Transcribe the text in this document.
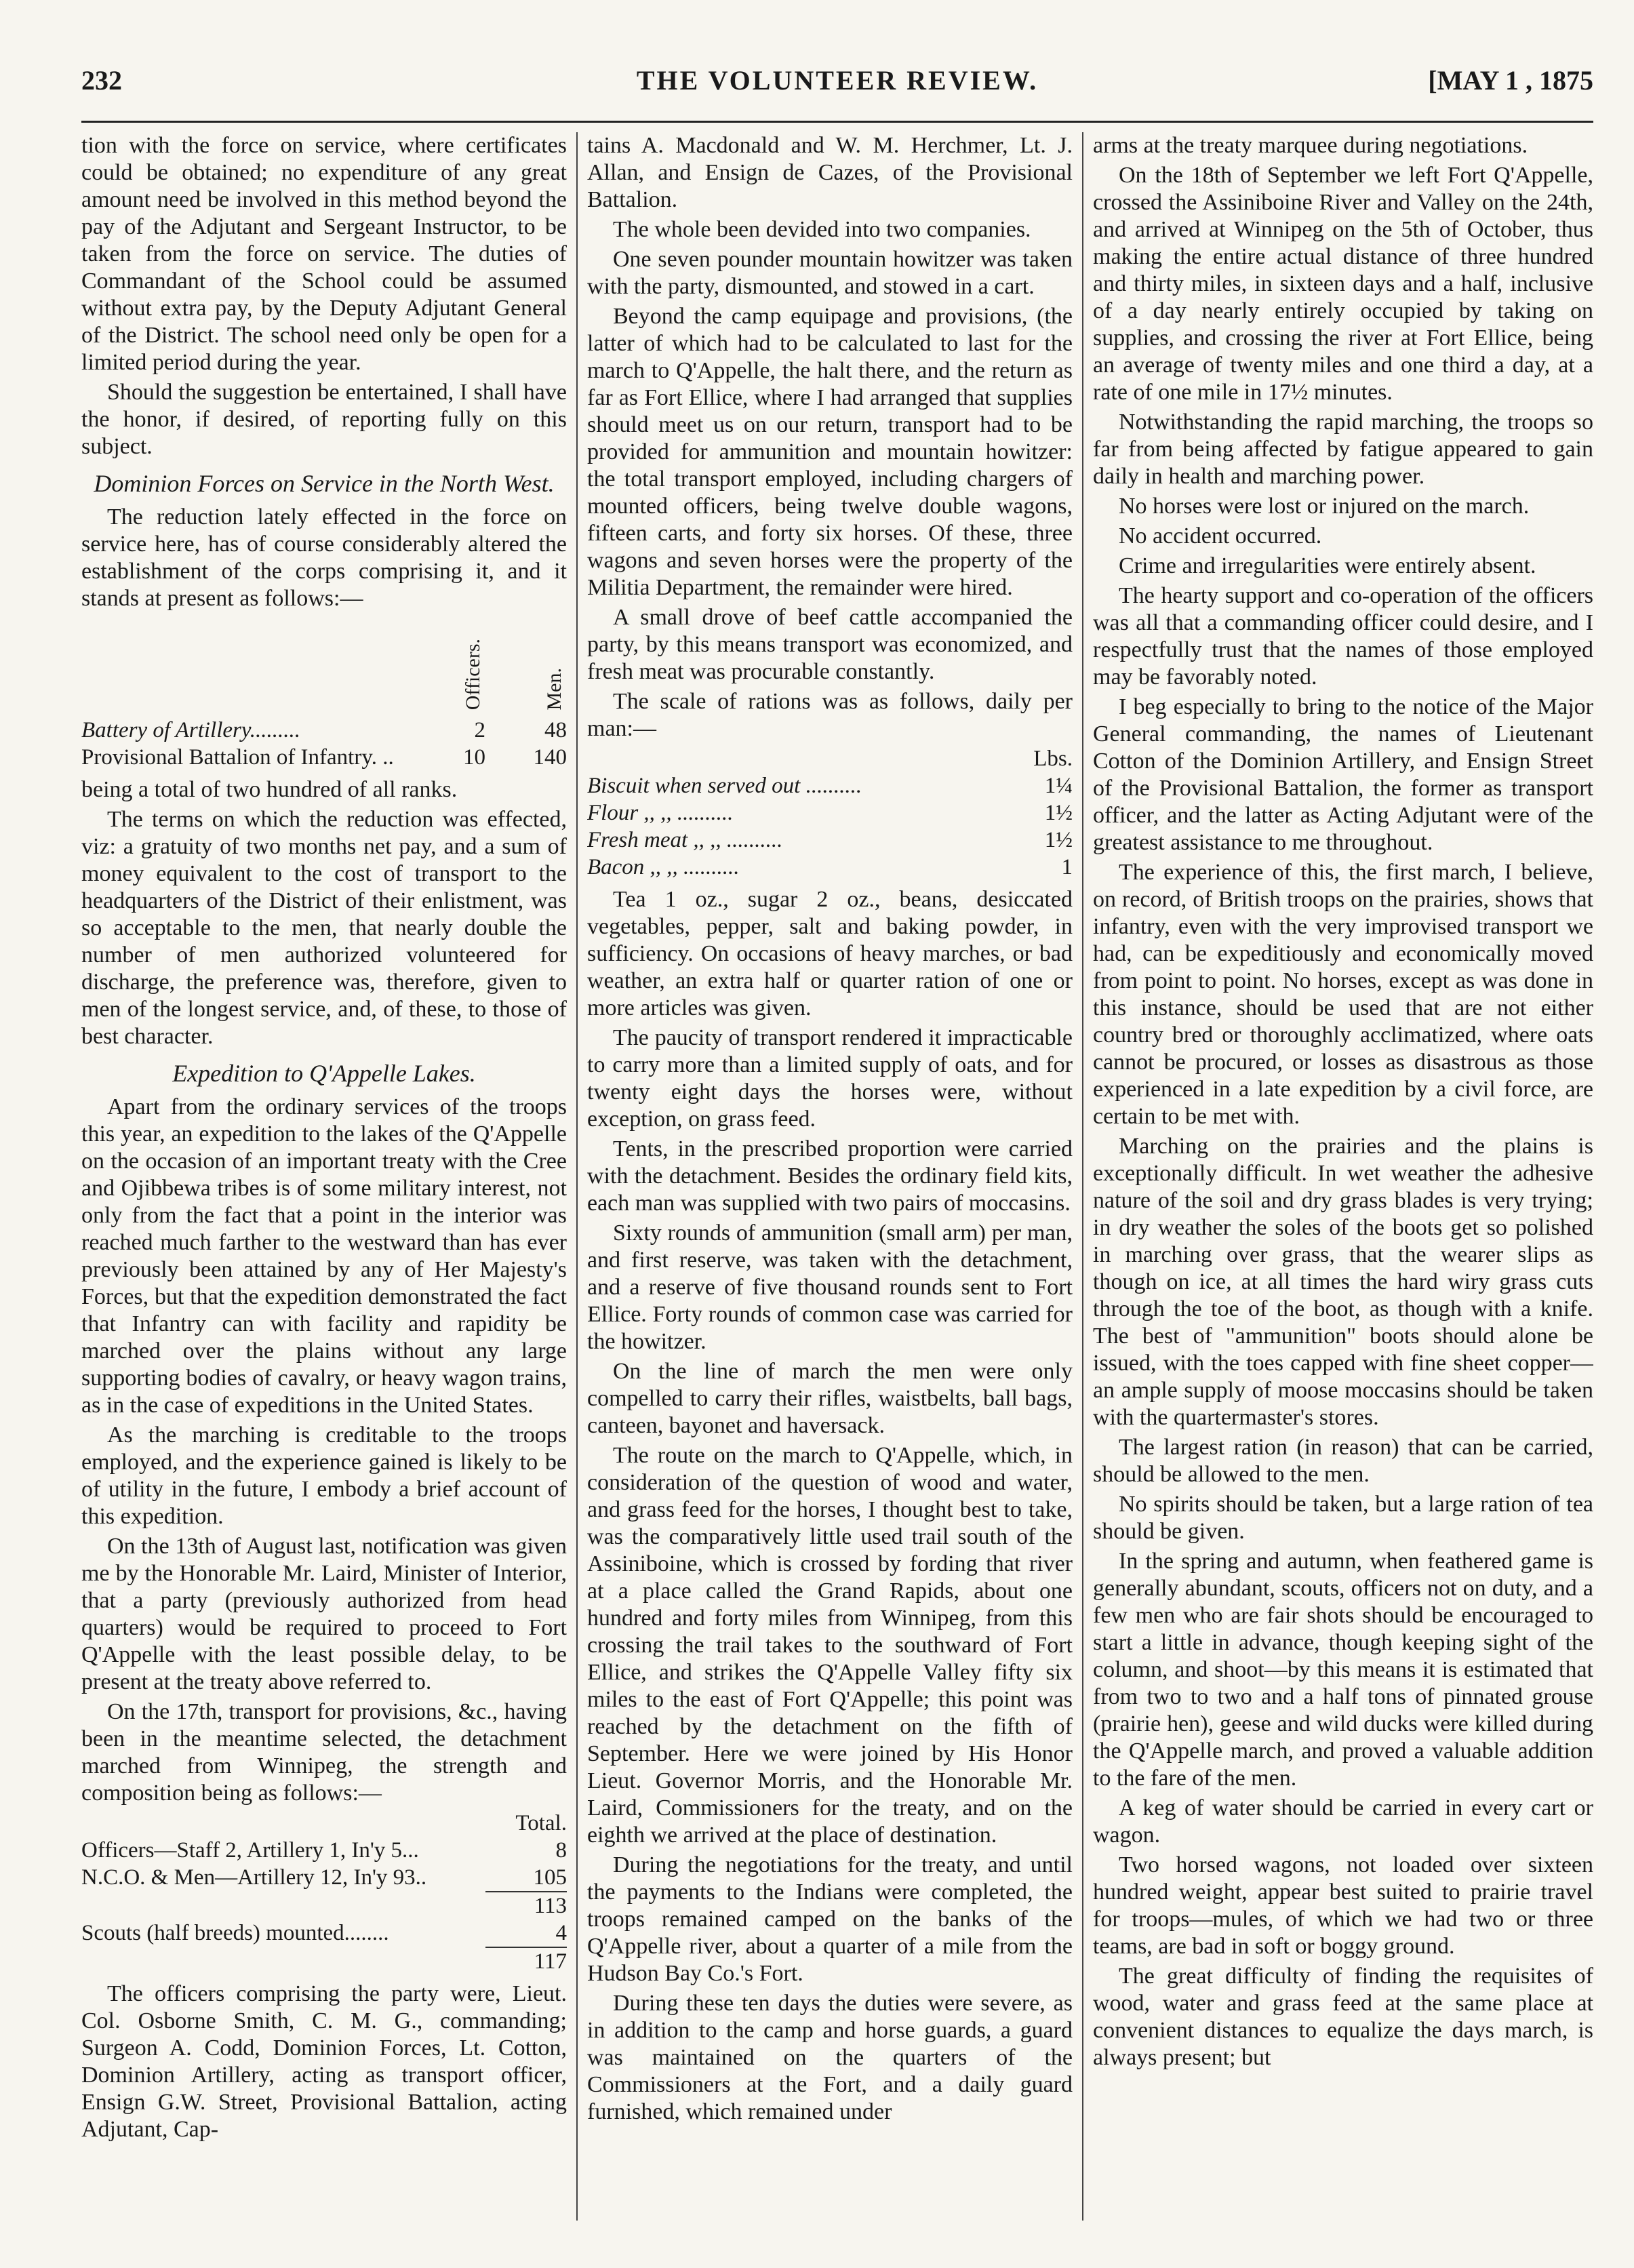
232	THE VOLUNTEER REVIEW.	[MAY 1 , 1875

tion with the force on service, where certificates could be obtained; no expenditure of any great amount need be involved in this method beyond the pay of the Adjutant and Sergeant Instructor, to be taken from the force on service. The duties of Commandant of the School could be assumed without extra pay, by the Deputy Adjutant General of the District. The school need only be open for a limited period during the year.

Should the suggestion be entertained, I shall have the honor, if desired, of reporting fully on this subject.

Dominion Forces on Service in the North West.

The reduction lately effected in the force on service here, has of course considerably altered the establishment of the corps comprising it, and it stands at present as follows:—

	Officers.	Men.
Battery of Artillery.........	2	48
Provisional Battalion of Infantry. ..	10	140

being a total of two hundred of all ranks.

The terms on which the reduction was effected, viz: a gratuity of two months net pay, and a sum of money equivalent to the cost of transport to the headquarters of the District of their enlistment, was so acceptable to the men, that nearly double the number of men authorized volunteered for discharge, the preference was, therefore, given to men of the longest service, and, of these, to those of best character.

Expedition to Q'Appelle Lakes.

Apart from the ordinary services of the troops this year, an expedition to the lakes of the Q'Appelle on the occasion of an important treaty with the Cree and Ojibbewa tribes is of some military interest, not only from the fact that a point in the interior was reached much farther to the westward than has ever previously been attained by any of Her Majesty's Forces, but that the expedition demonstrated the fact that Infantry can with facility and rapidity be marched over the plains without any large supporting bodies of cavalry, or heavy wagon trains, as in the case of expeditions in the United States.

As the marching is creditable to the troops employed, and the experience gained is likely to be of utility in the future, I embody a brief account of this expedition.

On the 13th of August last, notification was given me by the Honorable Mr. Laird, Minister of Interior, that a party (previously authorized from head quarters) would be required to proceed to Fort Q'Appelle with the least possible delay, to be present at the treaty above referred to.

On the 17th, transport for provisions, &c., having been in the meantime selected, the detachment marched from Winnipeg, the strength and composition being as follows:—

	Total.
Officers—Staff 2, Artillery 1, In'y 5...	8
N.C.O. & Men—Artillery 12, In'y 93..	105

113
Scouts (half breeds) mounted........	4

117

The officers comprising the party were, Lieut. Col. Osborne Smith, C. M. G., commanding; Surgeon A. Codd, Dominion Forces, Lt. Cotton, Dominion Artillery, acting as transport officer, Ensign G.W. Street, Provisional Battalion, acting Adjutant, Cap-

tains A. Macdonald and W. M. Herchmer, Lt. J. Allan, and Ensign de Cazes, of the Provisional Battalion.

The whole been devided into two companies.

One seven pounder mountain howitzer was taken with the party, dismounted, and stowed in a cart.

Beyond the camp equipage and provisions, (the latter of which had to be calculated to last for the march to Q'Appelle, the halt there, and the return as far as Fort Ellice, where I had arranged that supplies should meet us on our return, transport had to be provided for ammunition and mountain howitzer: the total transport employed, including chargers of mounted officers, being twelve double wagons, fifteen carts, and forty six horses. Of these, three wagons and seven horses were the property of the Militia Department, the remainder were hired.

A small drove of beef cattle accompanied the party, by this means transport was economized, and fresh meat was procurable constantly.

The scale of rations was as follows, daily per man:—

	Lbs.
Biscuit when served out ..........	1¼
Flour ,, ,, ..........	1½
Fresh meat ,, ,, ..........	1½
Bacon ,, ,, ..........	1

Tea 1 oz., sugar 2 oz., beans, desiccated vegetables, pepper, salt and baking powder, in sufficiency. On occasions of heavy marches, or bad weather, an extra half or quarter ration of one or more articles was given.

The paucity of transport rendered it impracticable to carry more than a limited supply of oats, and for twenty eight days the horses were, without exception, on grass feed.

Tents, in the prescribed proportion were carried with the detachment. Besides the ordinary field kits, each man was supplied with two pairs of moccasins.

Sixty rounds of ammunition (small arm) per man, and first reserve, was taken with the detachment, and a reserve of five thousand rounds sent to Fort Ellice. Forty rounds of common case was carried for the howitzer.

On the line of march the men were only compelled to carry their rifles, waistbelts, ball bags, canteen, bayonet and haversack.

The route on the march to Q'Appelle, which, in consideration of the question of wood and water, and grass feed for the horses, I thought best to take, was the comparatively little used trail south of the Assiniboine, which is crossed by fording that river at a place called the Grand Rapids, about one hundred and forty miles from Winnipeg, from this crossing the trail takes to the southward of Fort Ellice, and strikes the Q'Appelle Valley fifty six miles to the east of Fort Q'Appelle; this point was reached by the detachment on the fifth of September. Here we were joined by His Honor Lieut. Governor Morris, and the Honorable Mr. Laird, Commissioners for the treaty, and on the eighth we arrived at the place of destination.

During the negotiations for the treaty, and until the payments to the Indians were completed, the troops remained camped on the banks of the Q'Appelle river, about a quarter of a mile from the Hudson Bay Co.'s Fort.

During these ten days the duties were severe, as in addition to the camp and horse guards, a guard was maintained on the quarters of the Commissioners at the Fort, and a daily guard furnished, which remained under

arms at the treaty marquee during negotiations.

On the 18th of September we left Fort Q'Appelle, crossed the Assiniboine River and Valley on the 24th, and arrived at Winnipeg on the 5th of October, thus making the entire actual distance of three hundred and thirty miles, in sixteen days and a half, inclusive of a day nearly entirely occupied by taking on supplies, and crossing the river at Fort Ellice, being an average of twenty miles and one third a day, at a rate of one mile in 17½ minutes.

Notwithstanding the rapid marching, the troops so far from being affected by fatigue appeared to gain daily in health and marching power.

No horses were lost or injured on the march.

No accident occurred.

Crime and irregularities were entirely absent.

The hearty support and co-operation of the officers was all that a commanding officer could desire, and I respectfully trust that the names of those employed may be favorably noted.

I beg especially to bring to the notice of the Major General commanding, the names of Lieutenant Cotton of the Dominion Artillery, and Ensign Street of the Provisional Battalion, the former as transport officer, and the latter as Acting Adjutant were of the greatest assistance to me throughout.

The experience of this, the first march, I believe, on record, of British troops on the prairies, shows that infantry, even with the very improvised transport we had, can be expeditiously and economically moved from point to point. No horses, except as was done in this instance, should be used that are not either country bred or thoroughly acclimatized, where oats cannot be procured, or losses as disastrous as those experienced in a late expedition by a civil force, are certain to be met with.

Marching on the prairies and the plains is exceptionally difficult. In wet weather the adhesive nature of the soil and dry grass blades is very trying; in dry weather the soles of the boots get so polished in marching over grass, that the wearer slips as though on ice, at all times the hard wiry grass cuts through the toe of the boot, as though with a knife. The best of "ammunition" boots should alone be issued, with the toes capped with fine sheet copper—an ample supply of moose moccasins should be taken with the quartermaster's stores.

The largest ration (in reason) that can be carried, should be allowed to the men.

No spirits should be taken, but a large ration of tea should be given.

In the spring and autumn, when feathered game is generally abundant, scouts, officers not on duty, and a few men who are fair shots should be encouraged to start a little in advance, though keeping sight of the column, and shoot—by this means it is estimated that from two to two and a half tons of pinnated grouse (prairie hen), geese and wild ducks were killed during the Q'Appelle march, and proved a valuable addition to the fare of the men.

A keg of water should be carried in every cart or wagon.

Two horsed wagons, not loaded over sixteen hundred weight, appear best suited to prairie travel for troops—mules, of which we had two or three teams, are bad in soft or boggy ground.

The great difficulty of finding the requisites of wood, water and grass feed at the same place at convenient distances to equalize the days march, is always present; but
